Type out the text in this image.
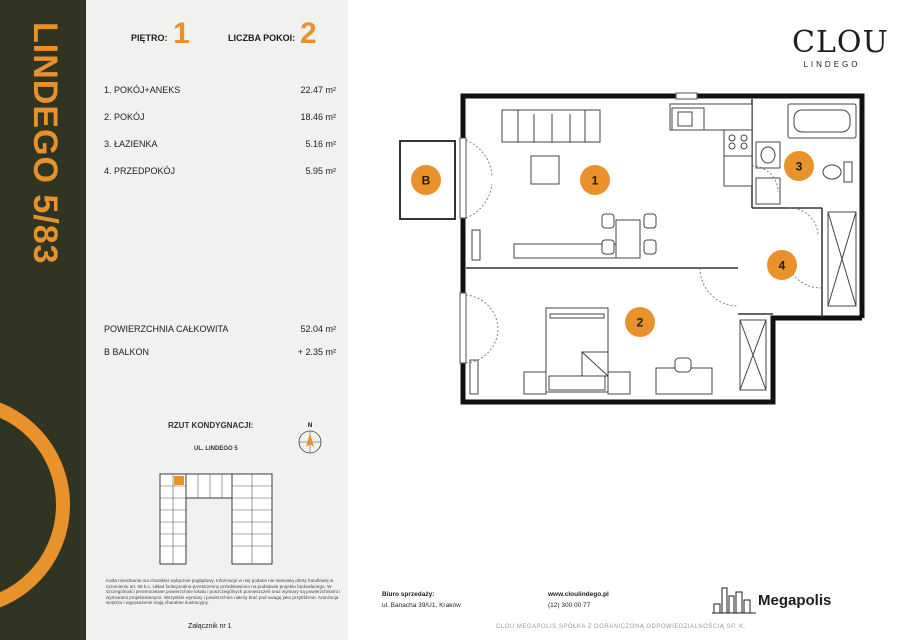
LINDEGO 5/83	PIĘTRO: 1	LICZBA POKOI: 2
1. POKÓJ+ANEKS	22.47 m²
2. POKÓJ	18.46 m²
3. ŁAZIENKA	5.16 m²
4. PRZEDPOKÓJ	5.95 m²
POWIERZCHNIA CAŁKOWITA	52.04 m²
B BALKON	+ 2.35 m²
RZUT KONDYGNACJI:
UL. LINDEGO 5
N
Karta mieszkania ma charakter wyłącznie poglądowy. Informacje w niej podane nie stanowią oferty handlowej w rozumieniu art. 66 k.c. Układ funkcjonalno-przestrzenny przedstawiono na podstawie projektu budowlanego. W szczególności prezentowane powierzchnie lokalu i poszczególnych pomieszczeń oraz wymiary są powierzchniami i wymiarami projektowanymi. Wszystkie wymiary i powierzchnie należy brać pod uwagę jako przybliżone. Aranżacja wnętrza i wyposażenie mają charakter ilustracyjny.
Załącznik nr 1
B	1
2
3
4
CLOU
LINDEGO
Biuro sprzedaży:
ul. Banacha 39/U1, Kraków
www.cloulindego.pl
(12) 300 00 77
CLOU MEGAPOLIS SPÓŁKA Z OGRANICZONĄ ODPOWIEDZIALNOŚCIĄ SP. K.
Megapolis
